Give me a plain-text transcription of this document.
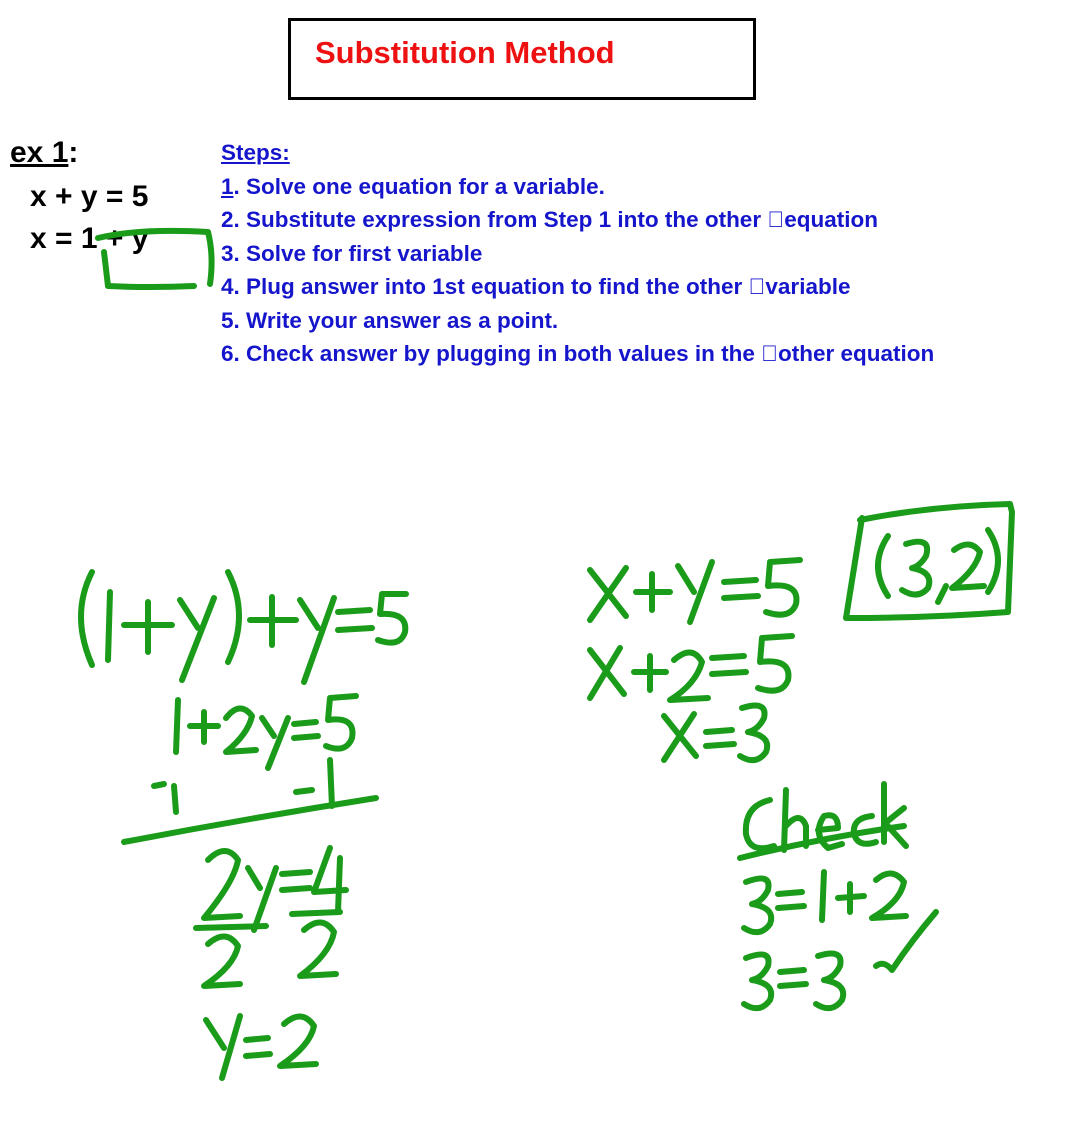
Substitution Method
ex 1:
x + y = 5
x = 1 + y
Steps:
1. Solve one equation for a variable.
2. Substitute expression from Step 1 into the other  equation
3. Solve for first variable
4. Plug answer into 1st equation to find the other  variable
5. Write your answer as a point.
6. Check answer by plugging in both values in the  other equation
